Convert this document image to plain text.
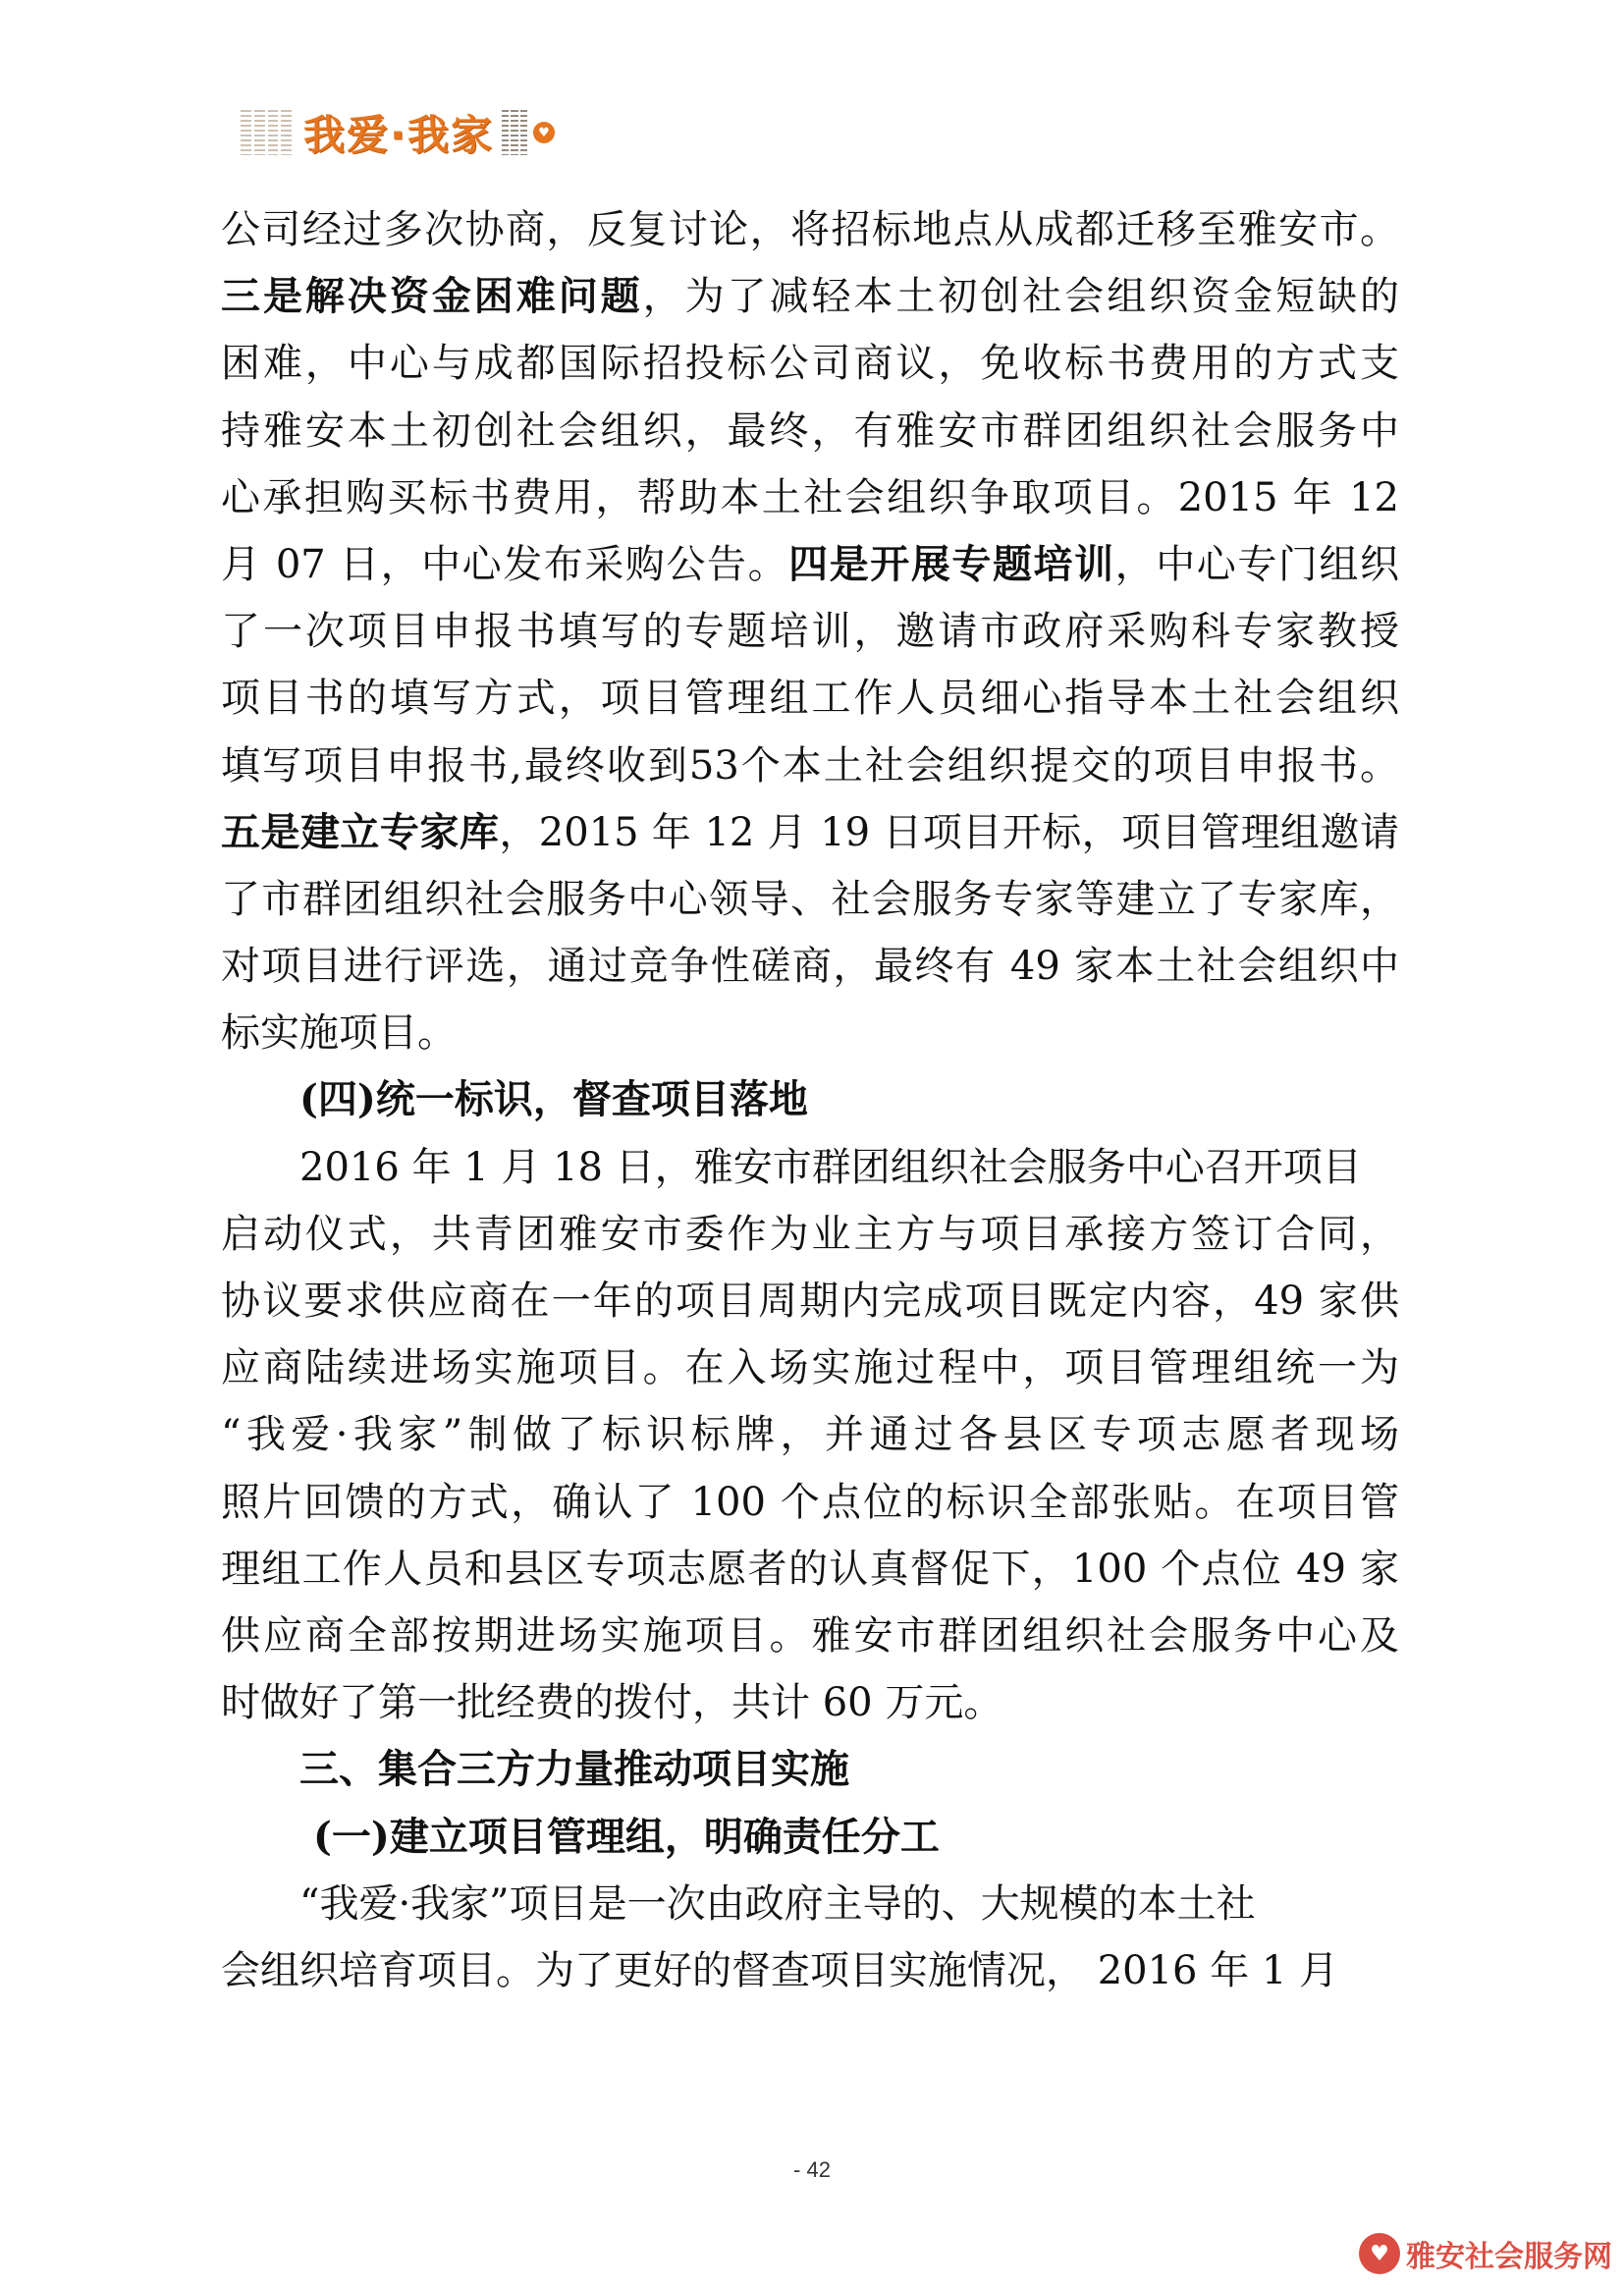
我爱·我家	♥
公司经过多次协商，反复讨论，将招标地点从成都迁移至雅安市。
三是解决资金困难问题，为了减轻本土初创社会组织资金短缺的
困难，中心与成都国际招投标公司商议，免收标书费用的方式支
持雅安本土初创社会组织，最终，有雅安市群团组织社会服务中
心承担购买标书费用，帮助本土社会组织争取项目。2015 年 12
月 07 日，中心发布采购公告。四是开展专题培训，中心专门组织
了一次项目申报书填写的专题培训，邀请市政府采购科专家教授
项目书的填写方式，项目管理组工作人员细心指导本土社会组织
填写项目申报书,最终收到53个本土社会组织提交的项目申报书。
五是建立专家库，2015 年 12 月 19 日项目开标，项目管理组邀请
了市群团组织社会服务中心领导、社会服务专家等建立了专家库，
对项目进行评选，通过竞争性磋商，最终有 49 家本土社会组织中
标实施项目。
(四)统一标识，督查项目落地
2016 年 1 月 18 日，雅安市群团组织社会服务中心召开项目
启动仪式，共青团雅安市委作为业主方与项目承接方签订合同，
协议要求供应商在一年的项目周期内完成项目既定内容，49 家供
应商陆续进场实施项目。在入场实施过程中，项目管理组统一为
“我爱·我家”制做了标识标牌，并通过各县区专项志愿者现场
照片回馈的方式，确认了 100 个点位的标识全部张贴。在项目管
理组工作人员和县区专项志愿者的认真督促下，100 个点位 49 家
供应商全部按期进场实施项目。雅安市群团组织社会服务中心及
时做好了第一批经费的拨付，共计 60 万元。
三、集合三方力量推动项目实施
(一)建立项目管理组，明确责任分工
“我爱·我家”项目是一次由政府主导的、大规模的本土社
会组织培育项目。为了更好的督查项目实施情况， 2016 年 1 月
- 42
♥ 雅安社会服务网
